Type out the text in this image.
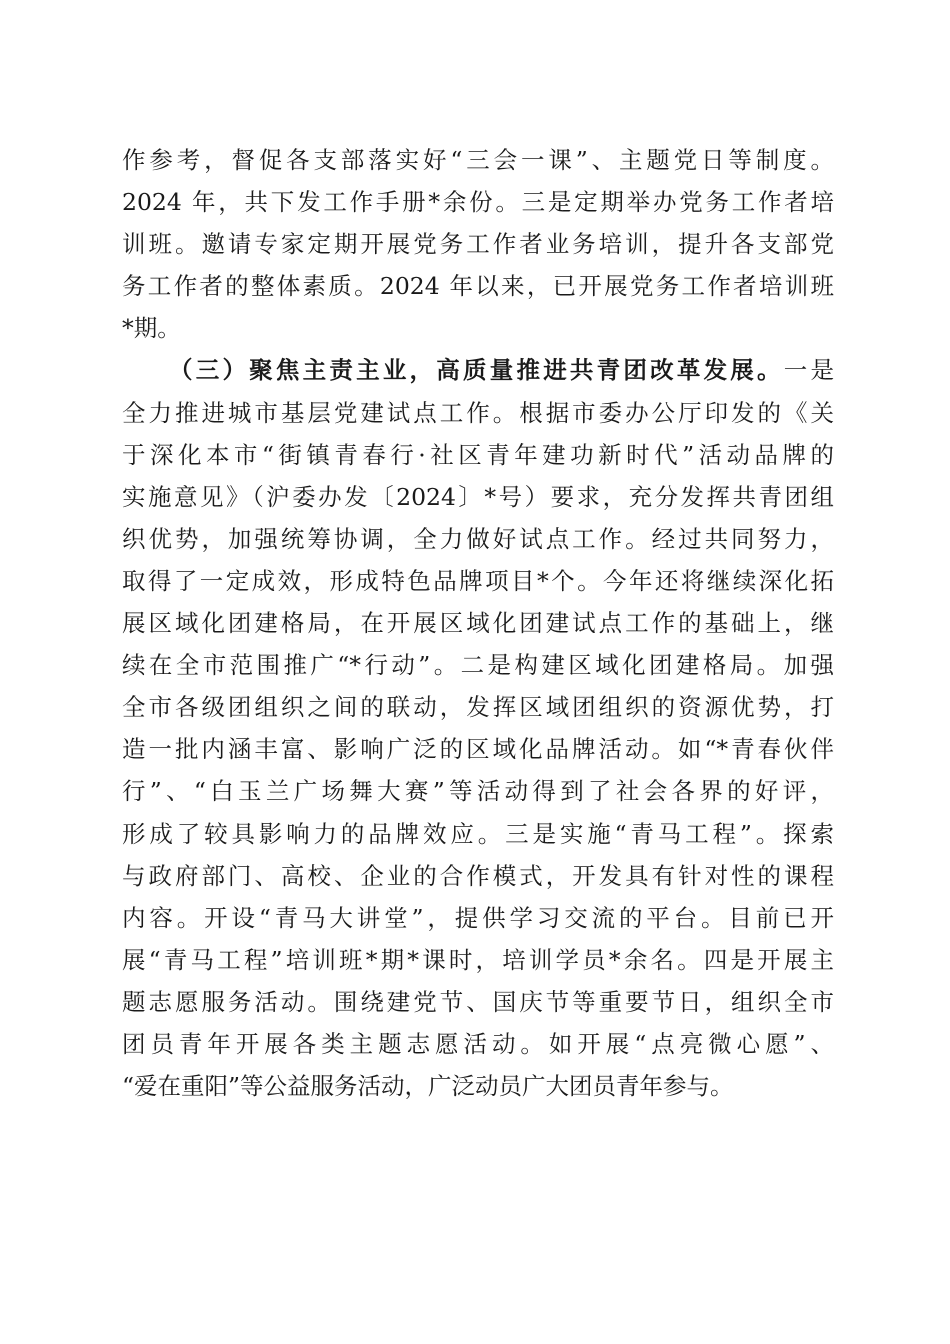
作参考，督促各支部落实好“三会一课”、主题党日等制度。
2024 年，共下发工作手册*余份。三是定期举办党务工作者培
训班。邀请专家定期开展党务工作者业务培训，提升各支部党
务工作者的整体素质。2024 年以来，已开展党务工作者培训班
*期。
（三）聚焦主责主业，高质量推进共青团改革发展。一是
全力推进城市基层党建试点工作。根据市委办公厅印发的《关
于深化本市“街镇青春行·社区青年建功新时代”活动品牌的
实施意见》（沪委办发〔2024〕*号）要求，充分发挥共青团组
织优势，加强统筹协调，全力做好试点工作。经过共同努力，
取得了一定成效，形成特色品牌项目*个。今年还将继续深化拓
展区域化团建格局，在开展区域化团建试点工作的基础上，继
续在全市范围推广“*行动”。二是构建区域化团建格局。加强
全市各级团组织之间的联动，发挥区域团组织的资源优势，打
造一批内涵丰富、影响广泛的区域化品牌活动。如“*青春伙伴
行”、“白玉兰广场舞大赛”等活动得到了社会各界的好评，
形成了较具影响力的品牌效应。三是实施“青马工程”。探索
与政府部门、高校、企业的合作模式，开发具有针对性的课程
内容。开设“青马大讲堂”，提供学习交流的平台。目前已开
展“青马工程”培训班*期*课时，培训学员*余名。四是开展主
题志愿服务活动。围绕建党节、国庆节等重要节日，组织全市
团员青年开展各类主题志愿活动。如开展“点亮微心愿”、
“爱在重阳”等公益服务活动，广泛动员广大团员青年参与。
